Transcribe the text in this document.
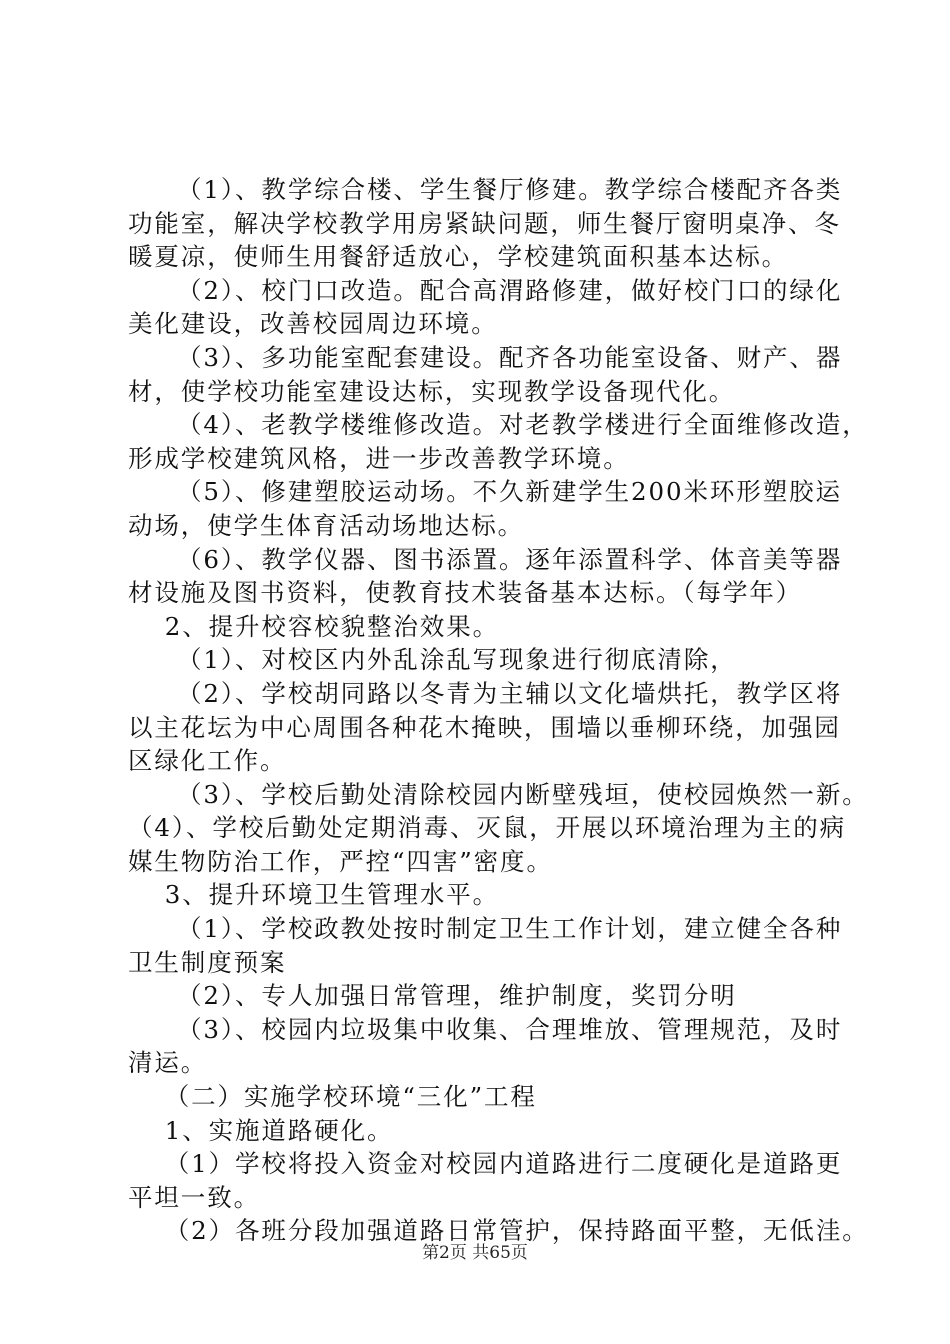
（1）、教学综合楼、学生餐厅修建。教学综合楼配齐各类

功能室，解决学校教学用房紧缺问题，师生餐厅窗明桌净、冬

暖夏凉，使师生用餐舒适放心，学校建筑面积基本达标。

（2）、校门口改造。配合高渭路修建，做好校门口的绿化

美化建设，改善校园周边环境。

（3）、多功能室配套建设。配齐各功能室设备、财产、器

材，使学校功能室建设达标，实现教学设备现代化。

（4）、老教学楼维修改造。对老教学楼进行全面维修改造，

形成学校建筑风格，进一步改善教学环境。

（5）、修建塑胶运动场。不久新建学生200米环形塑胶运

动场，使学生体育活动场地达标。

（6）、教学仪器、图书添置。逐年添置科学、体音美等器

材设施及图书资料，使教育技术装备基本达标。（每学年）

2、提升校容校貌整治效果。

（1）、对校区内外乱涂乱写现象进行彻底清除，

（2）、学校胡同路以冬青为主辅以文化墙烘托，教学区将

以主花坛为中心周围各种花木掩映，围墙以垂柳环绕，加强园

区绿化工作。

（3）、学校后勤处清除校园内断壁残垣，使校园焕然一新。

（4）、学校后勤处定期消毒、灭鼠，开展以环境治理为主的病

媒生物防治工作，严控“四害”密度。

3、提升环境卫生管理水平。

（1）、学校政教处按时制定卫生工作计划，建立健全各种

卫生制度预案

（2）、专人加强日常管理，维护制度，奖罚分明

（3）、校园内垃圾集中收集、合理堆放、管理规范，及时

清运。

（二）实施学校环境“三化”工程

1、实施道路硬化。

（1）学校将投入资金对校园内道路进行二度硬化是道路更

平坦一致。

（2）各班分段加强道路日常管护，保持路面平整，无低洼。

第2页 共65页
